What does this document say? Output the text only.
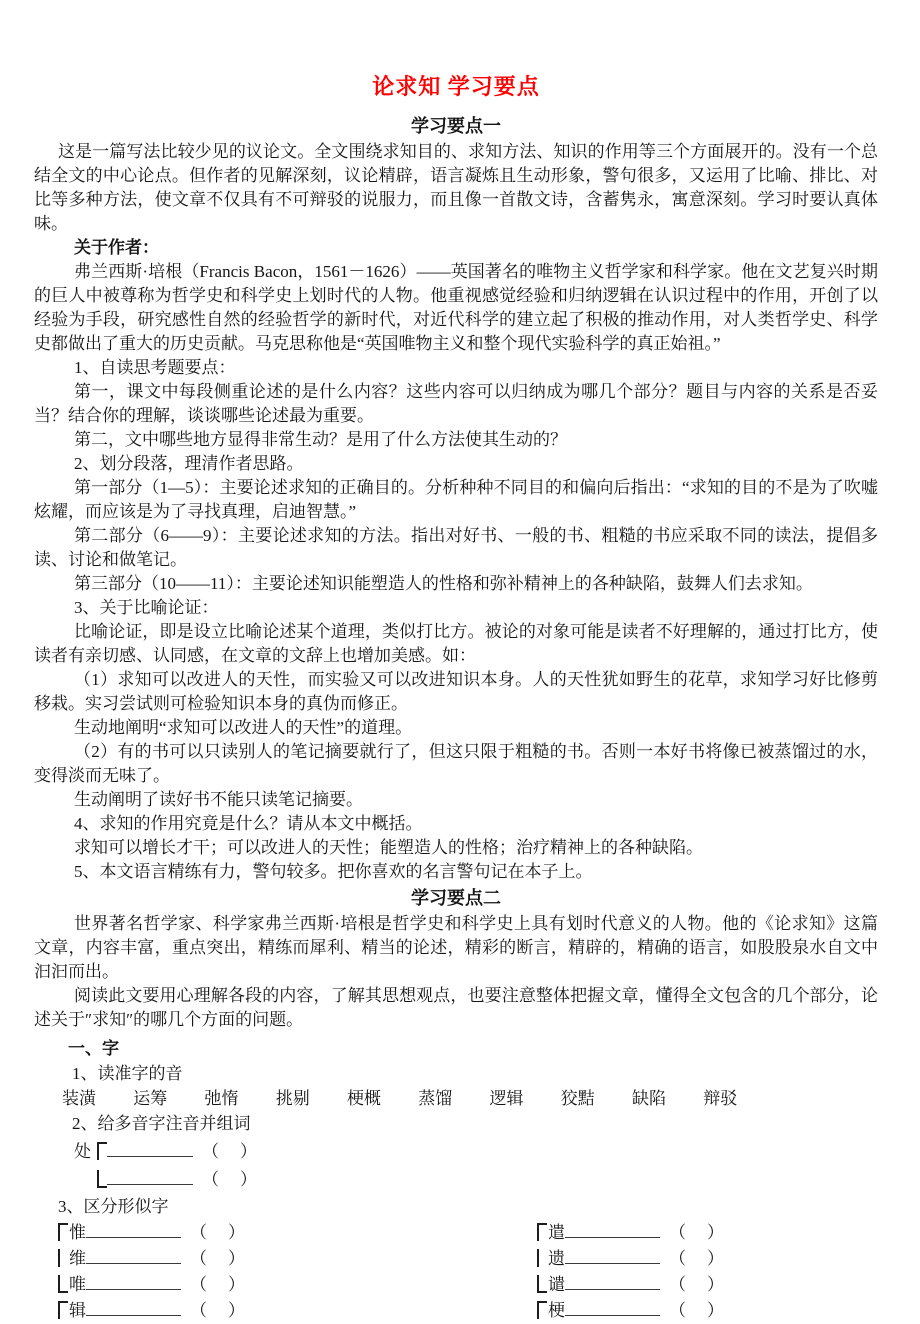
论求知 学习要点
学习要点一

这是一篇写法比较少见的议论文。全文围绕求知目的、求知方法、知识的作用等三个方面展开的。没有一个总结全文的中心论点。但作者的见解深刻，议论精辟，语言凝炼且生动形象，警句很多，又运用了比喻、排比、对比等多种方法，使文章不仅具有不可辩驳的说服力，而且像一首散文诗，含蓄隽永，寓意深刻。学习时要认真体味。

关于作者：

弗兰西斯·培根（Francis Bacon，1561－1626）——英国著名的唯物主义哲学家和科学家。他在文艺复兴时期的巨人中被尊称为哲学史和科学史上划时代的人物。他重视感觉经验和归纳逻辑在认识过程中的作用，开创了以经验为手段，研究感性自然的经验哲学的新时代，对近代科学的建立起了积极的推动作用，对人类哲学史、科学史都做出了重大的历史贡献。马克思称他是“英国唯物主义和整个现代实验科学的真正始祖。”

1、自读思考题要点：

第一，课文中每段侧重论述的是什么内容？这些内容可以归纳成为哪几个部分？题目与内容的关系是否妥当？结合你的理解，谈谈哪些论述最为重要。

第二，文中哪些地方显得非常生动？是用了什么方法使其生动的？

2、划分段落，理清作者思路。

第一部分（1—5）：主要论述求知的正确目的。分析种种不同目的和偏向后指出：“求知的目的不是为了吹嘘炫耀，而应该是为了寻找真理，启迪智慧。”

第二部分（6——9）：主要论述求知的方法。指出对好书、一般的书、粗糙的书应采取不同的读法，提倡多读、讨论和做笔记。

第三部分（10——11）：主要论述知识能塑造人的性格和弥补精神上的各种缺陷，鼓舞人们去求知。

3、关于比喻论证：

比喻论证，即是设立比喻论述某个道理，类似打比方。被论的对象可能是读者不好理解的，通过打比方，使读者有亲切感、认同感，在文章的文辞上也增加美感。如：

（1）求知可以改进人的天性，而实验又可以改进知识本身。人的天性犹如野生的花草，求知学习好比修剪移栽。实习尝试则可检验知识本身的真伪而修正。

生动地阐明“求知可以改进人的天性”的道理。

（2）有的书可以只读别人的笔记摘要就行了，但这只限于粗糙的书。否则一本好书将像已被蒸馏过的水，变得淡而无味了。

生动阐明了读好书不能只读笔记摘要。

4、求知的作用究竟是什么？请从本文中概括。

求知可以增长才干；可以改进人的天性；能塑造人的性格；治疗精神上的各种缺陷。

5、本文语言精练有力，警句较多。把你喜欢的名言警句记在本子上。

学习要点二

世界著名哲学家、科学家弗兰西斯·培根是哲学史和科学史上具有划时代意义的人物。他的《论求知》这篇文章，内容丰富，重点突出，精练而犀利、精当的论述，精彩的断言，精辟的，精确的语言，如股股泉水自文中汩汩而出。

阅读此文要用心理解各段的内容，了解其思想观点，也要注意整体把握文章，懂得全文包含的几个部分，论述关于″求知″的哪几个方面的问题。

一、字

1、读准字的音

装潢 运筹 弛惰 挑剔 梗概 蒸馏 逻辑 狡黠 缺陷 辩驳

2、给多音字注音并组词

处	（　）
（　）

3、区分形似字

惟	（　）	遣	（　）
维	（　）	遗	（　）
唯	（　）	谴	（　）
辑	（　）	梗	（　）
